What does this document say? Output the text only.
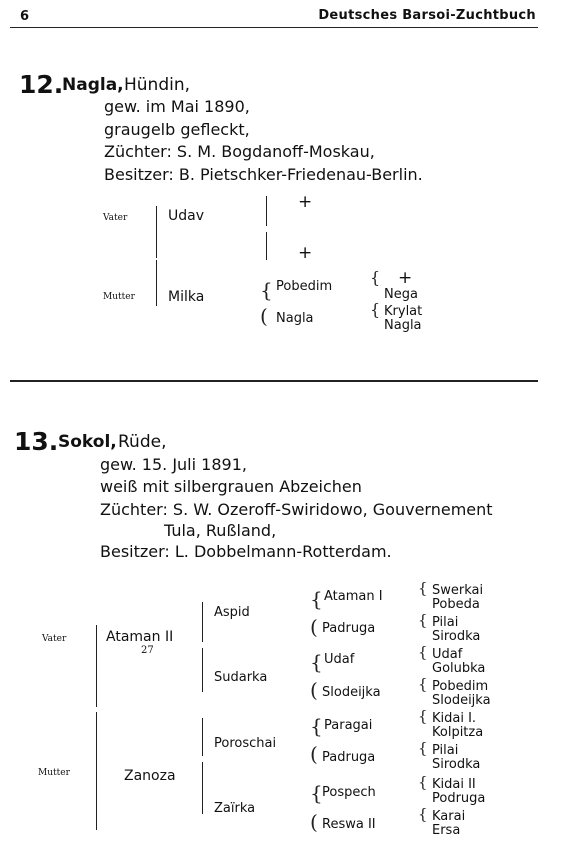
6	Deutsches Barsoi-Zuchtbuch
12.
Nagla, Hündin,
gew. im Mai 1890,
graugelb gefleckt,
Züchter: S. M. Bogdanoff-Moskau,
Besitzer: B. Pietschker-Friedenau-Berlin.
Vater
Mutter
Udav
Milka
+
+
{
(
Pobedim
Nagla
{
{
+
Nega
Krylat
Nagla
13. Sokol, Rüde,
gew. 15. Juli 1891,
weiß mit silbergrauen Abzeichen
Züchter: S. W. Ozeroff-Swiridowo, Gouvernement
Tula, Rußland,
Besitzer: L. Dobbelmann-Rotterdam.
Vater
Mutter
Ataman II
27
Zanoza
Aspid
Sudarka
Poroschai
Zaïrka
{
(
{
(
{
(
{
(
Ataman I
Padruga
Udaf
Slodeijka
Paragai
Padruga
Pospech
Reswa II
{
{
{
{
{
{
{
{
Swerkai
Pobeda
Pilai
Sirodka
Udaf
Golubka
Pobedim
Slodeijka
Kidai I.
Kolpitza
Pilai
Sirodka
Kidai II
Podruga
Karai
Ersa
